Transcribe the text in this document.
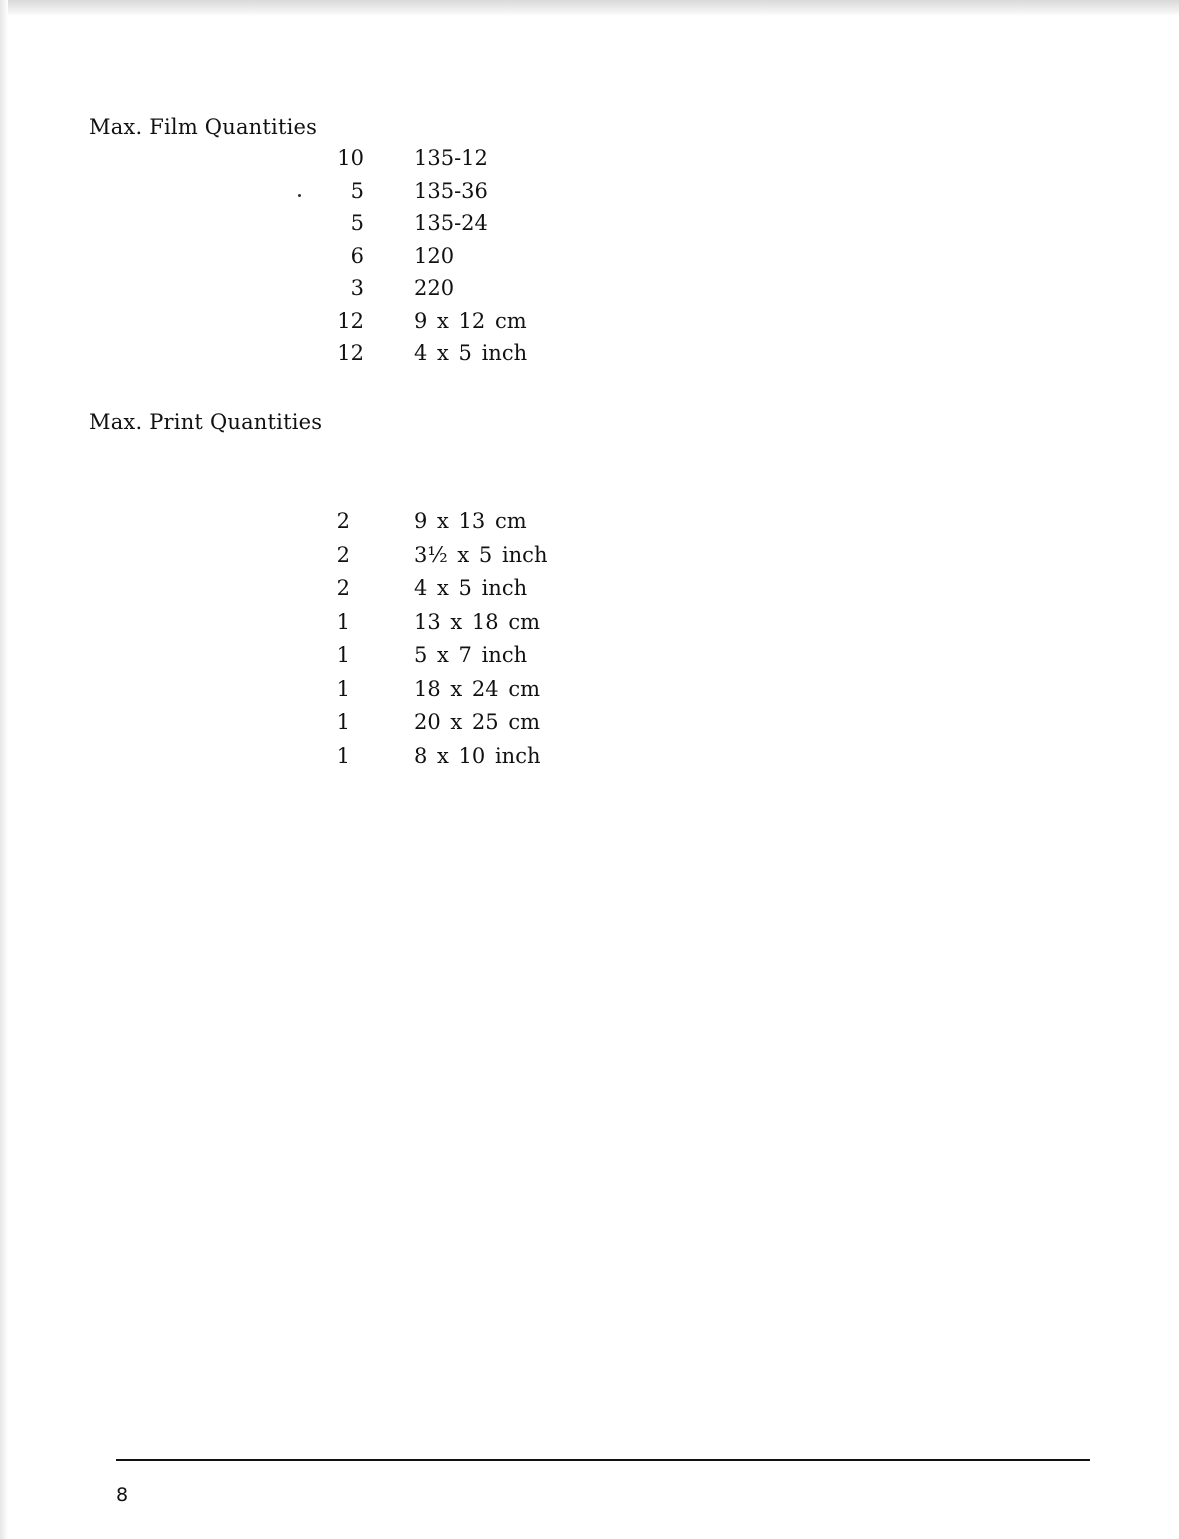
Max. Film Quantities
10		135-12
5		135-36
5		135-24
6		120
3		220
12		9 x 12 cm
12		4 x 5 inch
Max. Print Quantities
2		9 x 13 cm
2		3½ x 5 inch
2		4 x 5 inch
1		13 x 18 cm
1		5 x 7 inch
1		18 x 24 cm
1		20 x 25 cm
1		8 x 10 inch
8
